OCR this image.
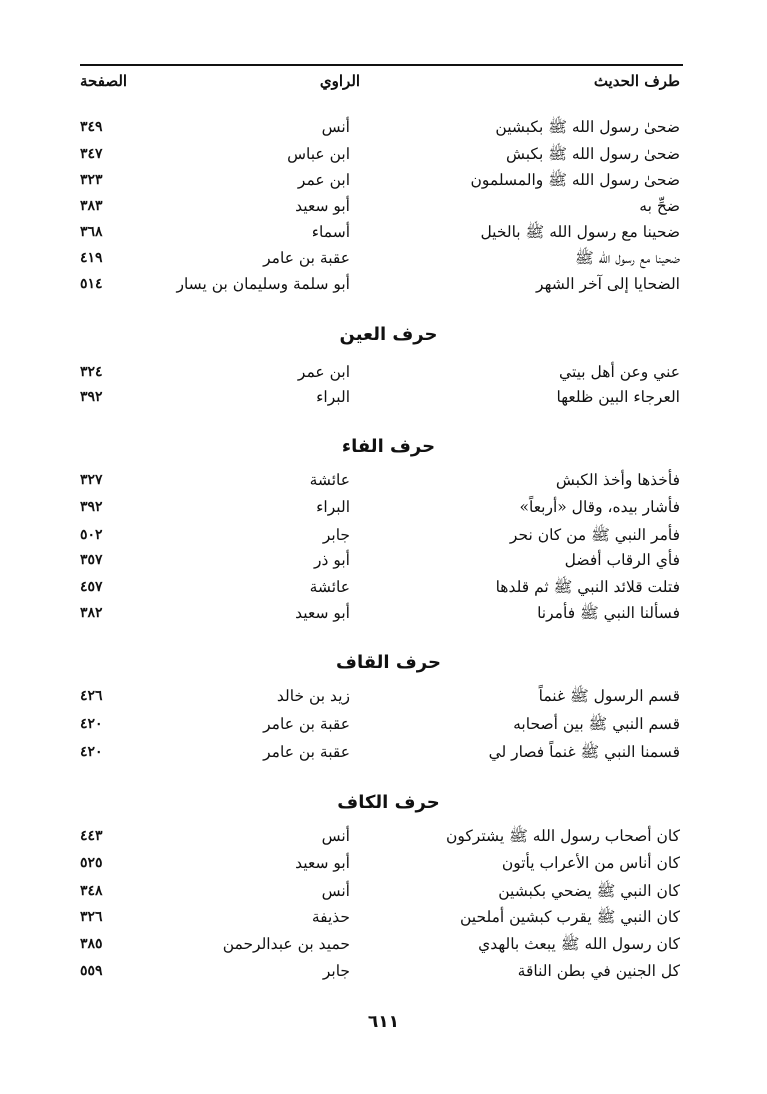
طرف الحديث
الراوي
الصفحة
ضحىٰ رسول الله ﷺ بكبشين
أنس
٣٤٩
ضحىٰ رسول الله ﷺ بكبش
ابن عباس
٣٤٧
ضحىٰ رسول الله ﷺ والمسلمون
ابن عمر
٣٢٣
ضحِّ به
أبو سعيد
٣٨٣
ضحينا مع رسول الله ﷺ بالخيل
أسماء
٣٦٨
ضحينا مع رسول الله ﷺ
عقبة بن عامر
٤١٩
الضحايا إلى آخر الشهر
أبو سلمة وسليمان بن يسار
٥١٤
حرف العين
عني وعن أهل بيتي
ابن عمر
٣٢٤
العرجاء البين ظلعها
البراء
٣٩٢
حرف الفاء
فأخذها وأخذ الكبش
عائشة
٣٢٧
فأشار بيده، وقال «أربعاً»
البراء
٣٩٢
فأمر النبي ﷺ من كان نحر
جابر
٥٠٢
فأي الرقاب أفضل
أبو ذر
٣٥٧
فتلت قلائد النبي ﷺ ثم قلدها
عائشة
٤٥٧
فسألنا النبي ﷺ فأمرنا
أبو سعيد
٣٨٢
حرف القاف
قسم الرسول ﷺ غنماً
زيد بن خالد
٤٢٦
قسم النبي ﷺ بين أصحابه
عقبة بن عامر
٤٢٠
قسمنا النبي ﷺ غنماً فصار لي
عقبة بن عامر
٤٢٠
حرف الكاف
كان أصحاب رسول الله ﷺ يشتركون
أنس
٤٤٣
كان أناس من الأعراب يأتون
أبو سعيد
٥٢٥
كان النبي ﷺ يضحي بكبشين
أنس
٣٤٨
كان النبي ﷺ يقرب كبشين أملحين
حذيفة
٣٢٦
كان رسول الله ﷺ يبعث بالهدي
حميد بن عبدالرحمن
٣٨٥
كل الجنين في بطن الناقة
جابر
٥٥٩
٦١١
